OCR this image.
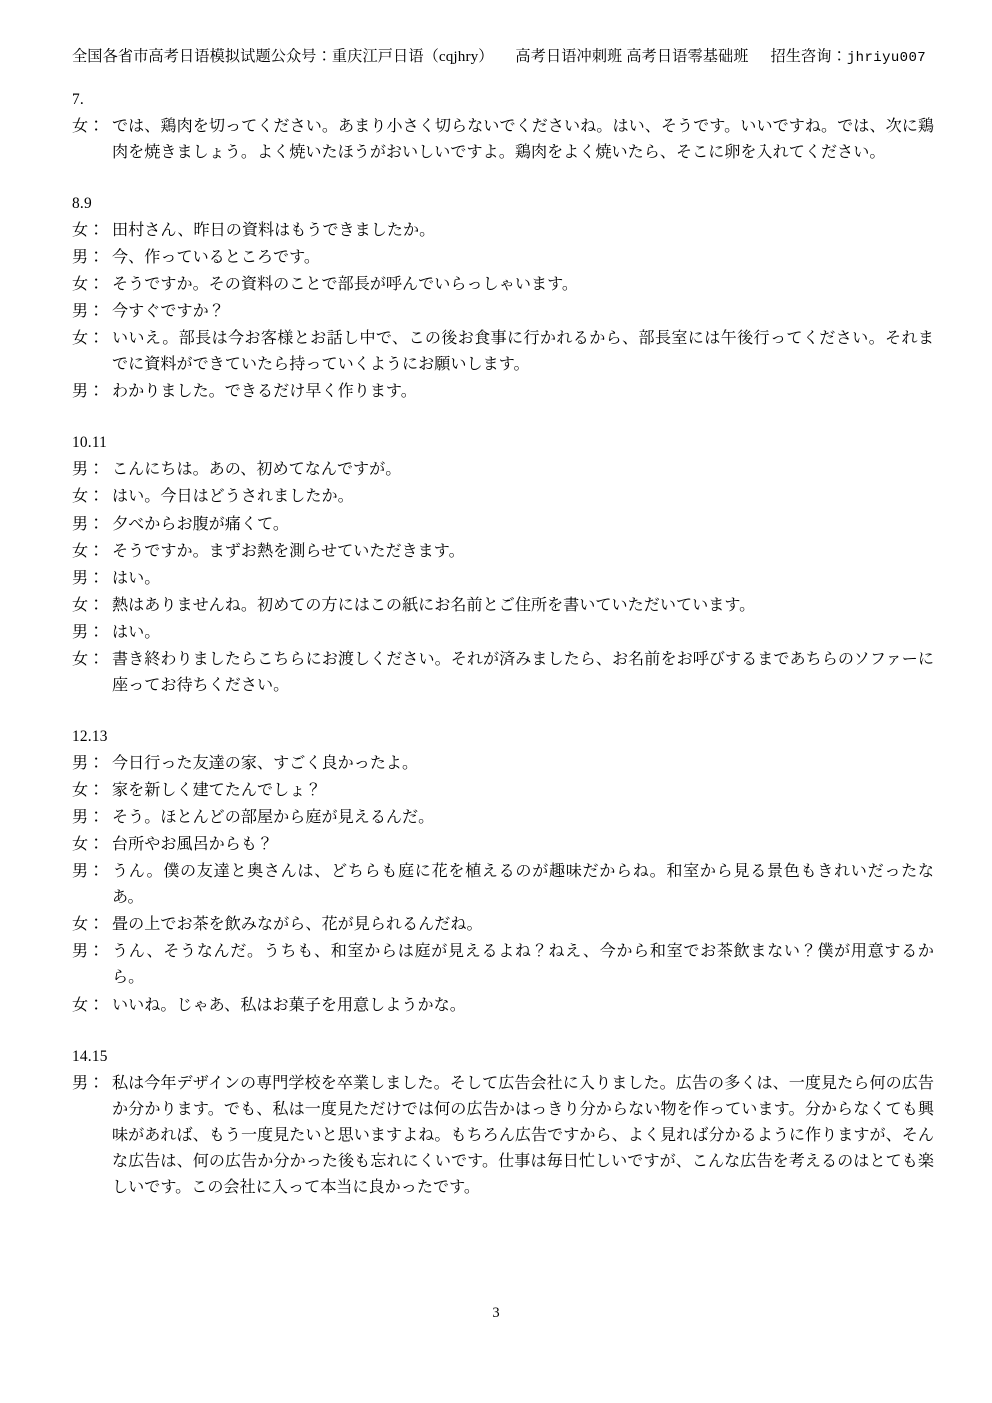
全国各省市高考日语模拟试题公众号：重庆江户日语（cqjhry） 高考日语冲刺班 高考日语零基础班 招生咨询：jhriyu007
7.
女： では、鶏肉を切ってください。あまり小さく切らないでくださいね。はい、そうです。いいですね。では、次に鶏肉を焼きましょう。よく焼いたほうがおいしいですよ。鶏肉をよく焼いたら、そこに卵を入れてください。
8.9
女： 田村さん、昨日の資料はもうできましたか。
男： 今、作っているところです。
女： そうですか。その資料のことで部長が呼んでいらっしゃいます。
男： 今すぐですか？
女： いいえ。部長は今お客様とお話し中で、この後お食事に行かれるから、部長室には午後行ってください。それまでに資料ができていたら持っていくようにお願いします。
男： わかりました。できるだけ早く作ります。
10.11
男： こんにちは。あの、初めてなんですが。
女： はい。今日はどうされましたか。
男： 夕べからお腹が痛くて。
女： そうですか。まずお熱を測らせていただきます。
男： はい。
女： 熱はありませんね。初めての方にはこの紙にお名前とご住所を書いていただいています。
男： はい。
女： 書き終わりましたらこちらにお渡しください。それが済みましたら、お名前をお呼びするまであちらのソファーに座ってお待ちください。
12.13
男： 今日行った友達の家、すごく良かったよ。
女： 家を新しく建てたんでしょ？
男： そう。ほとんどの部屋から庭が見えるんだ。
女： 台所やお風呂からも？
男： うん。僕の友達と奥さんは、どちらも庭に花を植えるのが趣味だからね。和室から見る景色もきれいだったなあ。
女： 畳の上でお茶を飲みながら、花が見られるんだね。
男： うん、そうなんだ。うちも、和室からは庭が見えるよね？ねえ、今から和室でお茶飲まない？僕が用意するから。
女： いいね。じゃあ、私はお菓子を用意しようかな。
14.15
男： 私は今年デザインの専門学校を卒業しました。そして広告会社に入りました。広告の多くは、一度見たら何の広告か分かります。でも、私は一度見ただけでは何の広告かはっきり分からない物を作っています。分からなくても興味があれば、もう一度見たいと思いますよね。もちろん広告ですから、よく見れば分かるように作りますが、そんな広告は、何の広告か分かった後も忘れにくいです。仕事は毎日忙しいですが、こんな広告を考えるのはとても楽しいです。この会社に入って本当に良かったです。
3
